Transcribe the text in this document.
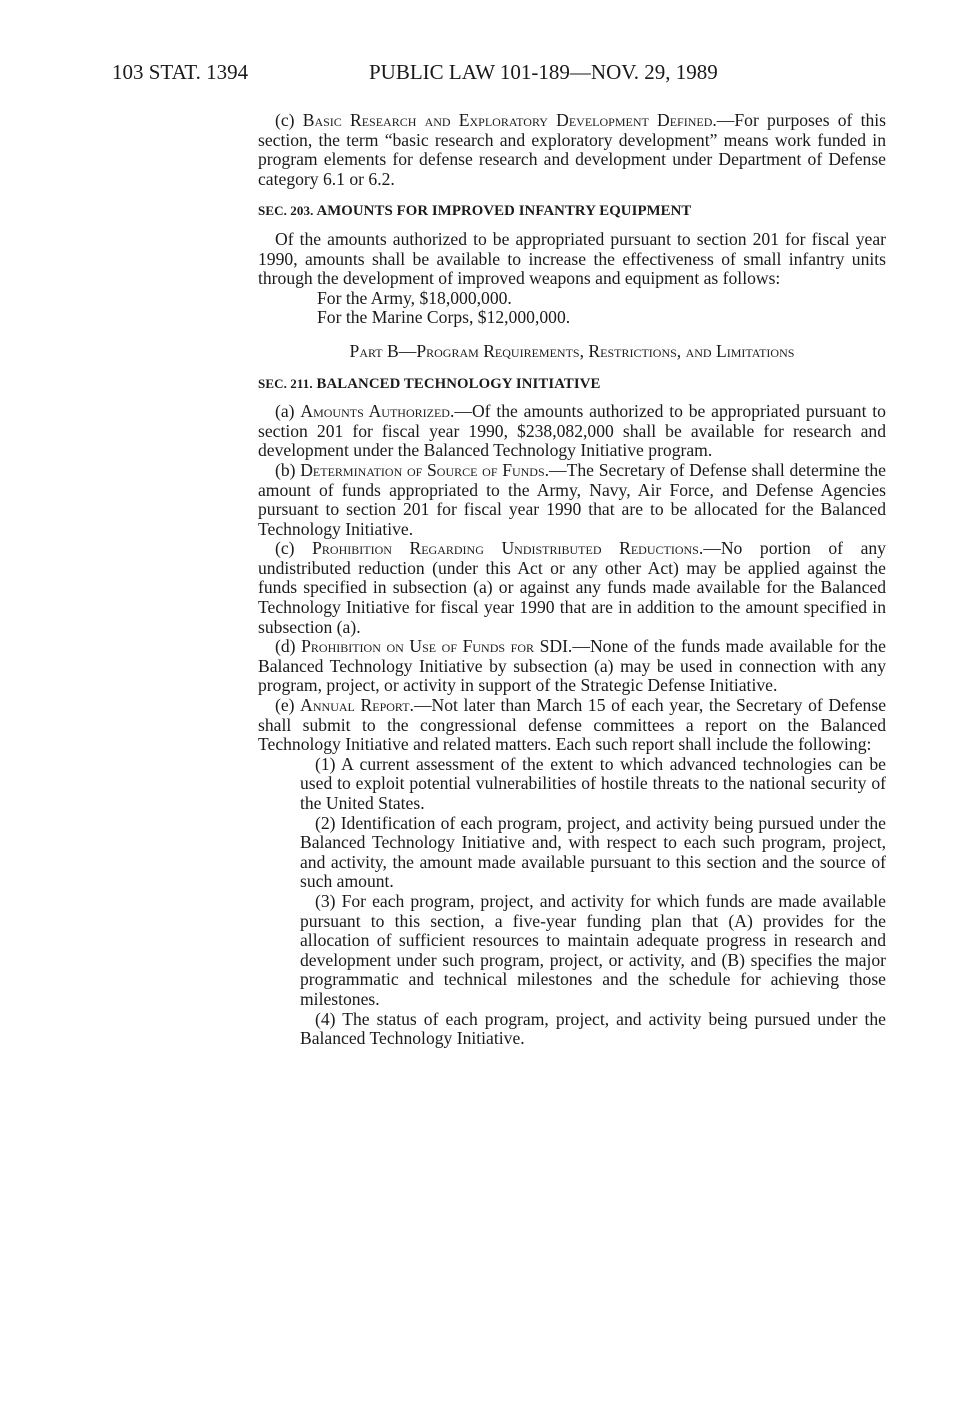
103 STAT. 1394	PUBLIC LAW 101-189—NOV. 29, 1989

(c) Basic Research and Exploratory Development Defined.—For purposes of this section, the term “basic research and exploratory development” means work funded in program elements for defense research and development under Department of Defense category 6.1 or 6.2.

SEC. 203. AMOUNTS FOR IMPROVED INFANTRY EQUIPMENT

Of the amounts authorized to be appropriated pursuant to section 201 for fiscal year 1990, amounts shall be available to increase the effectiveness of small infantry units through the development of improved weapons and equipment as follows:

For the Army, $18,000,000.

For the Marine Corps, $12,000,000.

Part B—Program Requirements, Restrictions, and Limitations

SEC. 211. BALANCED TECHNOLOGY INITIATIVE

(a) Amounts Authorized.—Of the amounts authorized to be appropriated pursuant to section 201 for fiscal year 1990, $238,082,000 shall be available for research and development under the Balanced Technology Initiative program.

(b) Determination of Source of Funds.—The Secretary of Defense shall determine the amount of funds appropriated to the Army, Navy, Air Force, and Defense Agencies pursuant to section 201 for fiscal year 1990 that are to be allocated for the Balanced Technology Initiative.

(c) Prohibition Regarding Undistributed Reductions.—No portion of any undistributed reduction (under this Act or any other Act) may be applied against the funds specified in subsection (a) or against any funds made available for the Balanced Technology Initiative for fiscal year 1990 that are in addition to the amount specified in subsection (a).

(d) Prohibition on Use of Funds for SDI.—None of the funds made available for the Balanced Technology Initiative by subsection (a) may be used in connection with any program, project, or activity in support of the Strategic Defense Initiative.

(e) Annual Report.—Not later than March 15 of each year, the Secretary of Defense shall submit to the congressional defense committees a report on the Balanced Technology Initiative and related matters. Each such report shall include the following:

(1) A current assessment of the extent to which advanced technologies can be used to exploit potential vulnerabilities of hostile threats to the national security of the United States.

(2) Identification of each program, project, and activity being pursued under the Balanced Technology Initiative and, with respect to each such program, project, and activity, the amount made available pursuant to this section and the source of such amount.

(3) For each program, project, and activity for which funds are made available pursuant to this section, a five-year funding plan that (A) provides for the allocation of sufficient resources to maintain adequate progress in research and development under such program, project, or activity, and (B) specifies the major programmatic and technical milestones and the schedule for achieving those milestones.

(4) The status of each program, project, and activity being pursued under the Balanced Technology Initiative.
